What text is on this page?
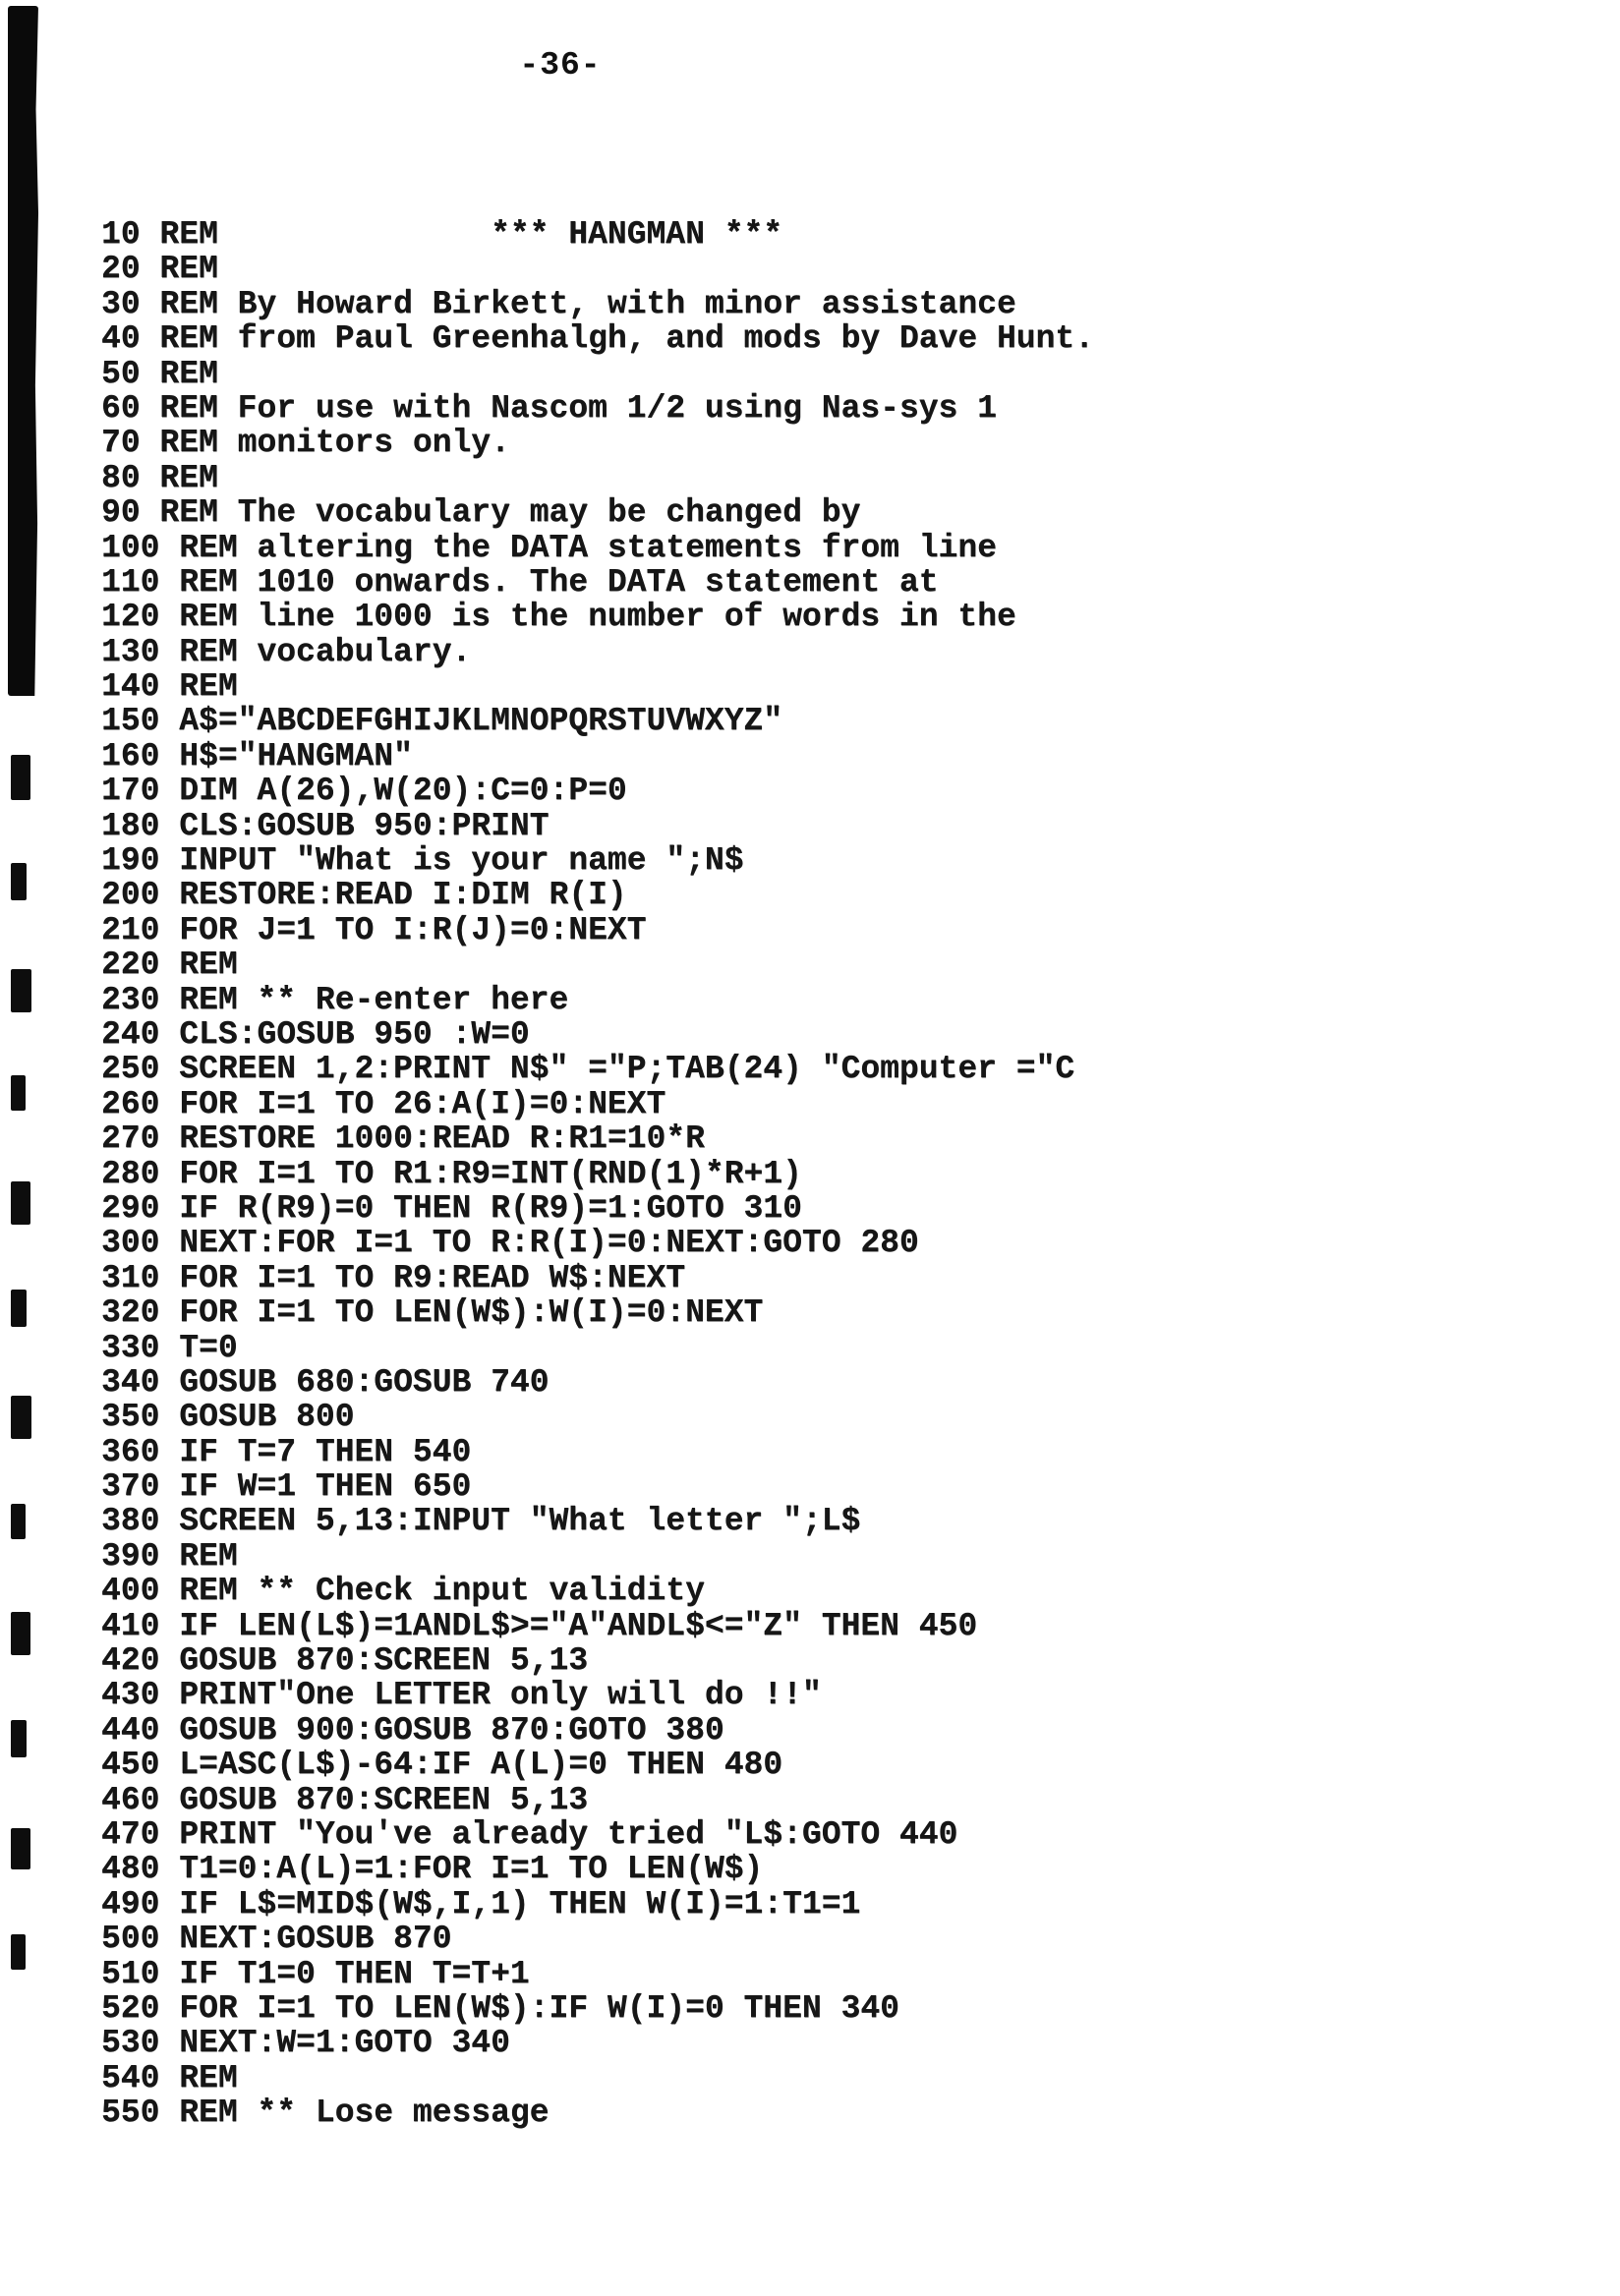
-36-
10 REM              *** HANGMAN ***
20 REM
30 REM By Howard Birkett, with minor assistance
40 REM from Paul Greenhalgh, and mods by Dave Hunt.
50 REM
60 REM For use with Nascom 1/2 using Nas-sys 1
70 REM monitors only.
80 REM
90 REM The vocabulary may be changed by
100 REM altering the DATA statements from line
110 REM 1010 onwards. The DATA statement at
120 REM line 1000 is the number of words in the
130 REM vocabulary.
140 REM
150 A$="ABCDEFGHIJKLMNOPQRSTUVWXYZ"
160 H$="HANGMAN"
170 DIM A(26),W(20):C=0:P=0
180 CLS:GOSUB 950:PRINT
190 INPUT "What is your name ";N$
200 RESTORE:READ I:DIM R(I)
210 FOR J=1 TO I:R(J)=0:NEXT
220 REM
230 REM ** Re-enter here
240 CLS:GOSUB 950 :W=0
250 SCREEN 1,2:PRINT N$" ="P;TAB(24) "Computer ="C
260 FOR I=1 TO 26:A(I)=0:NEXT
270 RESTORE 1000:READ R:R1=10*R
280 FOR I=1 TO R1:R9=INT(RND(1)*R+1)
290 IF R(R9)=0 THEN R(R9)=1:GOTO 310
300 NEXT:FOR I=1 TO R:R(I)=0:NEXT:GOTO 280
310 FOR I=1 TO R9:READ W$:NEXT
320 FOR I=1 TO LEN(W$):W(I)=0:NEXT
330 T=0
340 GOSUB 680:GOSUB 740
350 GOSUB 800
360 IF T=7 THEN 540
370 IF W=1 THEN 650
380 SCREEN 5,13:INPUT "What letter ";L$
390 REM
400 REM ** Check input validity
410 IF LEN(L$)=1ANDL$>="A"ANDL$<="Z" THEN 450
420 GOSUB 870:SCREEN 5,13
430 PRINT"One LETTER only will do !!"
440 GOSUB 900:GOSUB 870:GOTO 380
450 L=ASC(L$)-64:IF A(L)=0 THEN 480
460 GOSUB 870:SCREEN 5,13
470 PRINT "You've already tried "L$:GOTO 440
480 T1=0:A(L)=1:FOR I=1 TO LEN(W$)
490 IF L$=MID$(W$,I,1) THEN W(I)=1:T1=1
500 NEXT:GOSUB 870
510 IF T1=0 THEN T=T+1
520 FOR I=1 TO LEN(W$):IF W(I)=0 THEN 340
530 NEXT:W=1:GOTO 340
540 REM
550 REM ** Lose message
